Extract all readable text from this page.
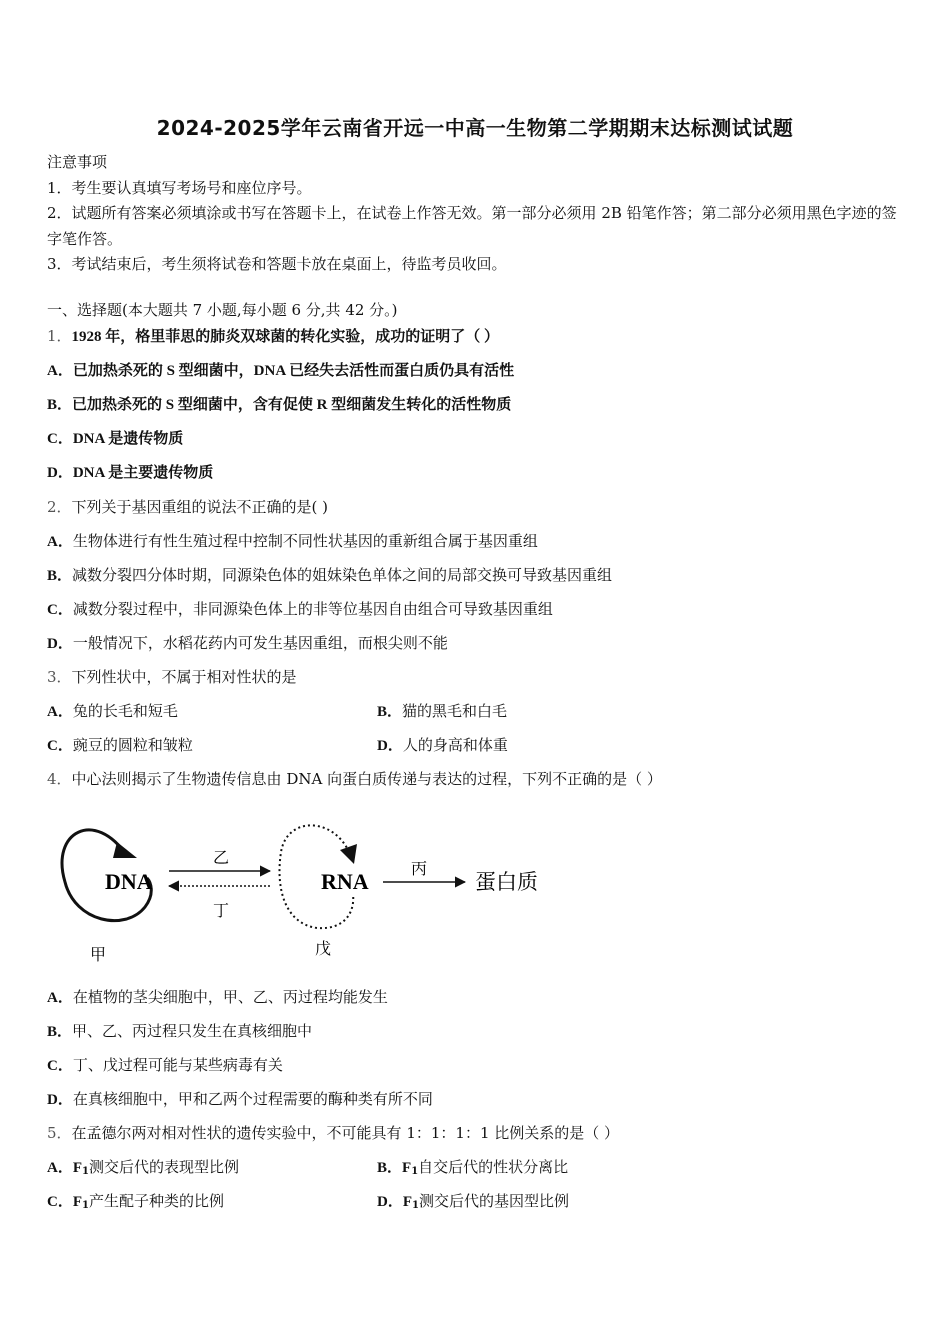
2024-2025学年云南省开远一中高一生物第二学期期末达标测试试题

注意事项

1．考生要认真填写考场号和座位序号。

2．试题所有答案必须填涂或书写在答题卡上，在试卷上作答无效。第一部分必须用 2B 铅笔作答；第二部分必须用黑色字迹的签字笔作答。

3．考试结束后，考生须将试卷和答题卡放在桌面上，待监考员收回。

一、选择题(本大题共 7 小题,每小题 6 分,共 42 分。)
1．1928 年，格里菲思的肺炎双球菌的转化实验，成功的证明了（ ）
A．已加热杀死的 S 型细菌中，DNA 已经失去活性而蛋白质仍具有活性
B．已加热杀死的 S 型细菌中，含有促使 R 型细菌发生转化的活性物质
C．DNA 是遗传物质
D．DNA 是主要遗传物质
2．下列关于基因重组的说法不正确的是( )
A．生物体进行有性生殖过程中控制不同性状基因的重新组合属于基因重组
B．减数分裂四分体时期，同源染色体的姐妹染色单体之间的局部交换可导致基因重组
C．减数分裂过程中，非同源染色体上的非等位基因自由组合可导致基因重组
D．一般情况下，水稻花药内可发生基因重组，而根尖则不能
3．下列性状中，不属于相对性状的是
A．兔的长毛和短毛	B．猫的黑毛和白毛
C．豌豆的圆粒和皱粒	D．人的身高和体重
4．中心法则揭示了生物遗传信息由 DNA 向蛋白质传递与表达的过程，下列不正确的是（ ）
DNA
甲
乙
丁
RNA
戊
丙
蛋白质
A．在植物的茎尖细胞中，甲、乙、丙过程均能发生
B．甲、乙、丙过程只发生在真核细胞中
C．丁、戊过程可能与某些病毒有关
D．在真核细胞中，甲和乙两个过程需要的酶种类有所不同
5．在孟德尔两对相对性状的遗传实验中，不可能具有 1：1：1：1 比例关系的是（ ）
A．$F_1$测交后代的表现型比例	B．$F_1$自交后代的性状分离比
C．$F_1$产生配子种类的比例	D．$F_1$测交后代的基因型比例
